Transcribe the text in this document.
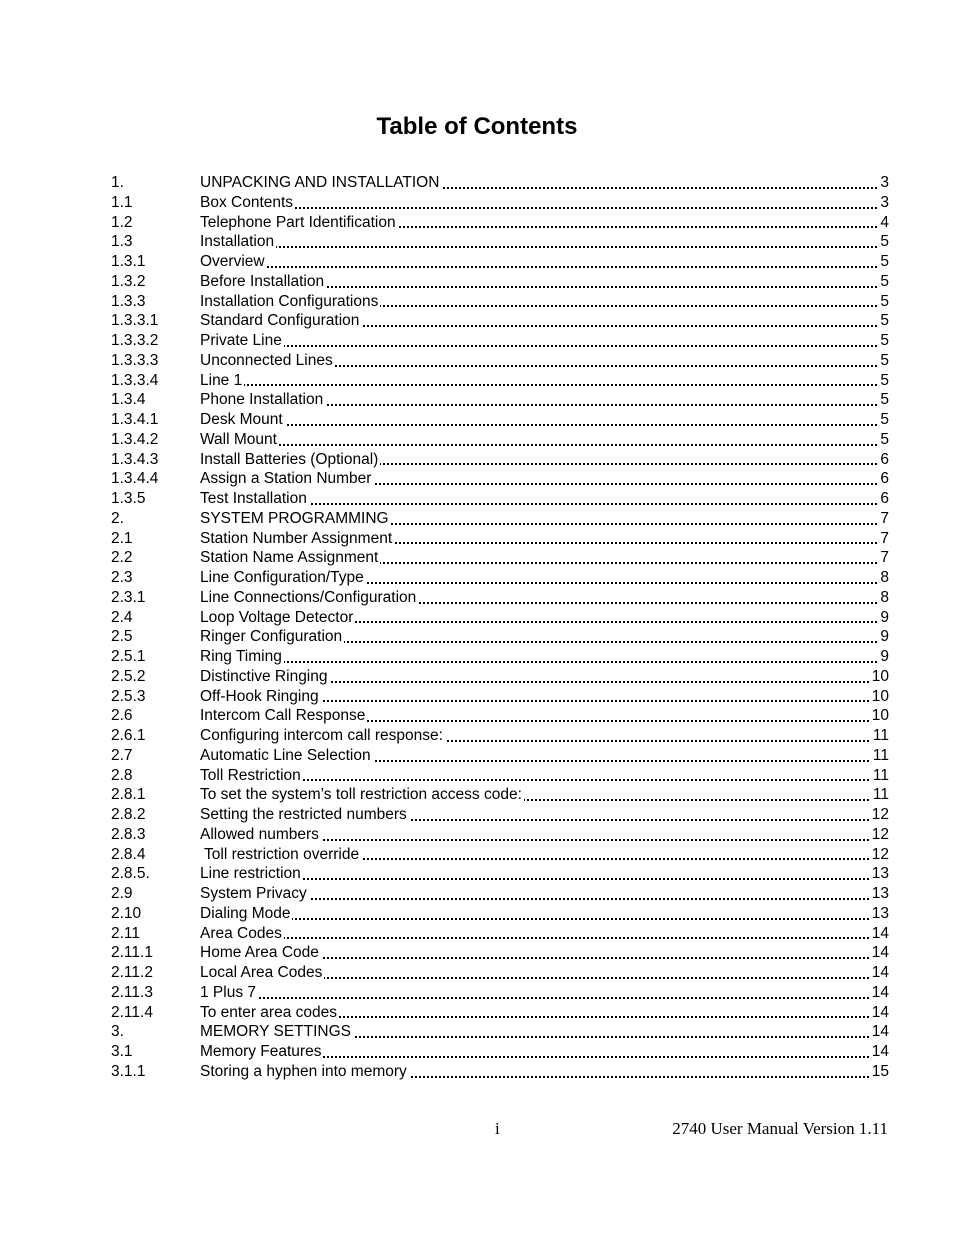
Table of Contents
1.	UNPACKING AND INSTALLATION	3
1.1	Box Contents	3
1.2	Telephone Part Identification	4
1.3	Installation	5
1.3.1	Overview	5
1.3.2	Before Installation	5
1.3.3	Installation Configurations	5
1.3.3.1	Standard Configuration	5
1.3.3.2	Private Line	5
1.3.3.3	Unconnected Lines	5
1.3.3.4	Line 1	5
1.3.4	Phone Installation	5
1.3.4.1	Desk Mount	5
1.3.4.2	Wall Mount	5
1.3.4.3	Install Batteries (Optional)	6
1.3.4.4	Assign a Station Number	6
1.3.5	Test Installation	6
2.	SYSTEM PROGRAMMING	7
2.1	Station Number Assignment	7
2.2	Station Name Assignment	7
2.3	Line Configuration/Type	8
2.3.1	Line Connections/Configuration	8
2.4	Loop Voltage Detector	9
2.5	Ringer Configuration	9
2.5.1	Ring Timing	9
2.5.2	Distinctive Ringing	10
2.5.3	Off-Hook Ringing	10
2.6	Intercom Call Response	10
2.6.1	Configuring intercom call response:	11
2.7	Automatic Line Selection	11
2.8	Toll Restriction	11
2.8.1	To set the system’s toll restriction access code:	11
2.8.2	Setting the restricted numbers	12
2.8.3	Allowed numbers	12
2.8.4	Toll restriction override	12
2.8.5.	Line restriction	13
2.9	System Privacy	13
2.10	Dialing Mode	13
2.11	Area Codes	14
2.11.1	Home Area Code	14
2.11.2	Local Area Codes	14
2.11.3	1 Plus 7	14
2.11.4	To enter area codes	14
3.	MEMORY SETTINGS	14
3.1	Memory Features	14
3.1.1	Storing a hyphen into memory	15
i	2740 User Manual Version 1.11
